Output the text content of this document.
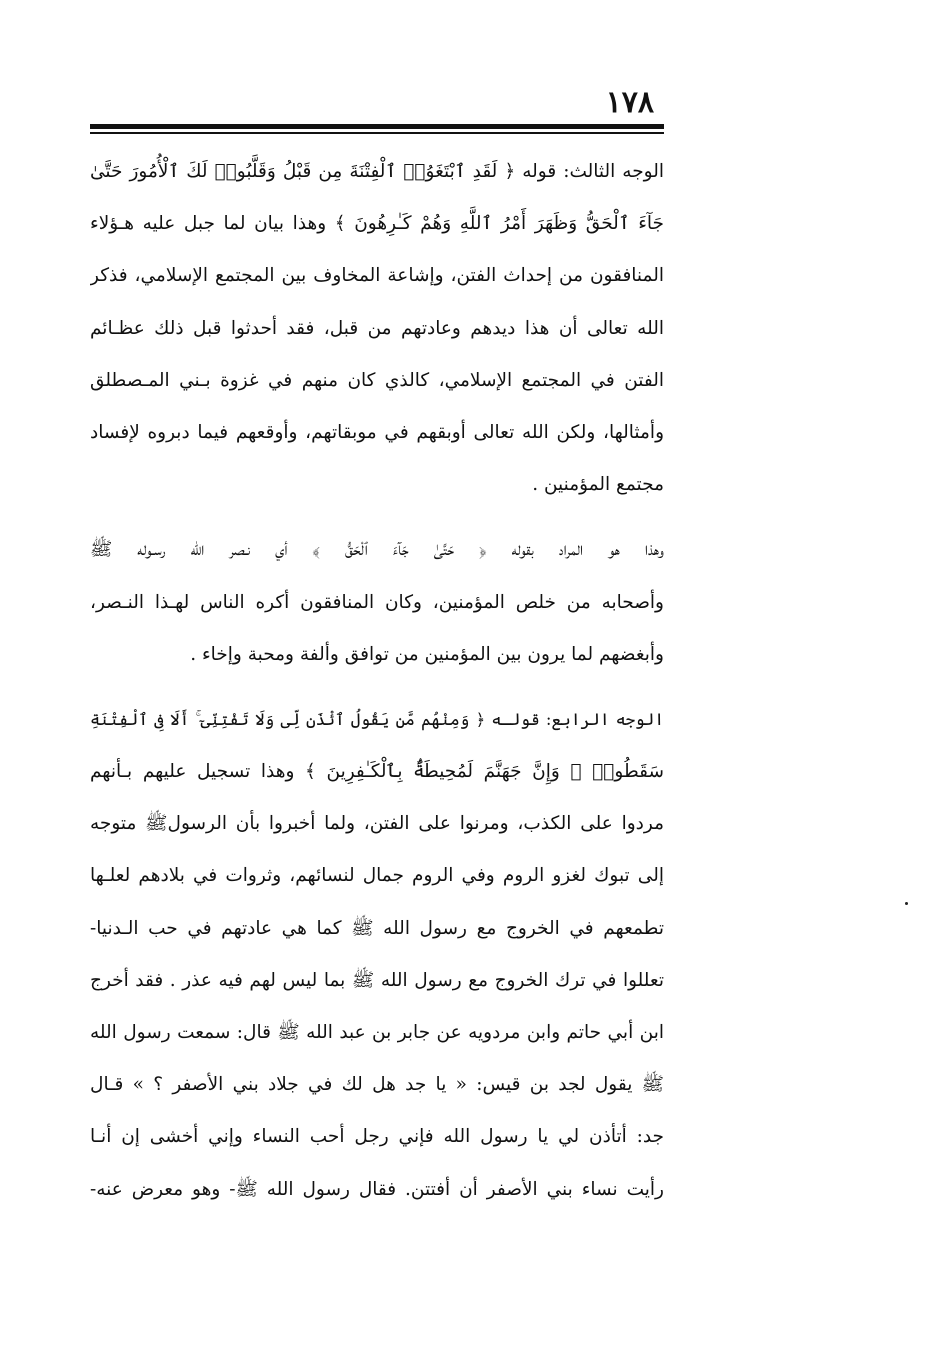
١٧٨
الوجه الثالث: قوله ﴿ لَقَدِ ٱبْتَغَوُا۟ ٱلْفِتْنَةَ مِن قَبْلُ وَقَلَّبُوا۟ لَكَ ٱلْأُمُورَ حَتَّىٰ
جَآءَ ٱلْحَقُّ وَظَهَرَ أَمْرُ ٱللَّهِ وَهُمْ كَـٰرِهُونَ ﴾ وهذا بيان لما جبل عليه هـؤلاء
المنافقون من إحداث الفتن، وإشاعة المخاوف بين المجتمع الإسلامي، فذكر
الله تعالى أن هذا ديدهم وعادتهم من قبل، فقد أحدثوا قبل ذلك عظـائم
الفتن في المجتمع الإسلامي، كالذي كان منهم في غزوة بـني المـصطلق
وأمثالها، ولكن الله تعالى أوبقهم في موبقاتهم، وأوقعهم فيما دبروه لإفساد
مجتمع المؤمنين .
وهذا هو المراد بقوله ﴿ حَتَّىٰ جَآءَ ٱلْحَقُّ ﴾ أي نـصر الله رسـوله ﷺ
وأصحابه من خلص المؤمنين، وكان المنافقون أكره الناس لهـذا النـصر،
وأبغضهم لما يرون بين المؤمنين من توافق وألفة ومحبة وإخاء .
الوجه الرابع: قولـه ﴿ وَمِنْهُم مَّن يَقُولُ ٱئْذَن لِّى وَلَا تَفْتِنِّىٓ ۚ أَلَا فِى ٱلْفِتْنَةِ
سَقَطُوا۟ ۗ وَإِنَّ جَهَنَّمَ لَمُحِيطَةٌۢ بِٱلْكَـٰفِرِينَ ﴾ وهذا تسجيل عليهم بـأنهم
مردوا على الكذب، ومرنوا على الفتن، ولما أخبروا بأن الرسولﷺ متوجه
إلى تبوك لغزو الروم وفي الروم جمال لنسائهم، وثروات في بلادهم لعلـها
تطمعهم في الخروج مع رسول الله ﷺ كما هي عادتهم في حب الـدنيا-
تعللوا في ترك الخروج مع رسول الله ﷺ بما ليس لهم فيه عذر . فقد أخرج
ابن أبي حاتم وابن مردويه عن جابر بن عبد الله ﷺ قال: سمعت رسول الله
ﷺ يقول لجد بن قيس: « يا جد هل لك في جلاد بني الأصفر ؟ » قـال
جد: أتأذن لي يا رسول الله فإني رجل أحب النساء وإني أخشى إن أنـا
رأيت نساء بني الأصفر أن أفتتن. فقال رسول الله ﷺ- وهو معرض عنه-
